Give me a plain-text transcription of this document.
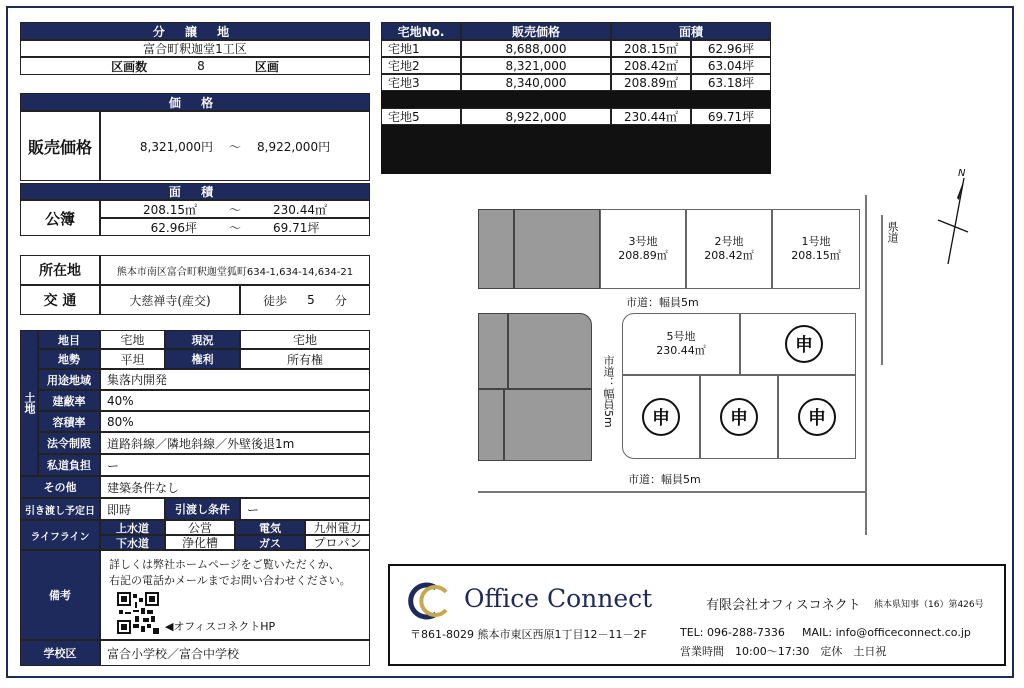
分 譲 地
富合町釈迦堂1工区
区画数	8	区画
価 格
販売価格	8,321,000円 ～ 8,922,000円
面 積
公簿	208.15㎡	～	230.44㎡
62.96坪	～	69.71坪
所在地	熊本市南区富合町釈迦堂狐町634-1,634-14,634-21
交 通	大慈禅寺(産交)	徒歩 5 分
土地
地目	宅地	現況	宅地
地勢	平坦	権利	所有権
用途地域	集落内開発
建蔽率	40%
容積率	80%
法令制限	道路斜線／隣地斜線／外壁後退1m
私道負担	ー
その他	建築条件なし
引き渡し予定日	即時	引渡し条件	ー
ライフライン
上水道	公営	電気	九州電力
下水道	浄化槽	ガス	プロパン
備考
詳しくは弊社ホームページをご覧いただくか、
右記の電話かメールまでお問い合わせください。
◀オフィスコネクトHP
学校区	富合小学校／富合中学校
宅地No.	販売価格	面積
宅地1	8,688,000	208.15㎡	62.96坪
宅地2	8,321,000	208.42㎡	63.04坪
宅地3	8,340,000	208.89㎡	63.18坪
宅地5	8,922,000	230.44㎡	69.71坪
3号地
208.89㎡
2号地
208.42㎡
1号地
208.15㎡
市道：幅員5m
市道：幅員5m
5号地
230.44㎡	申
申	申	申
市道：幅員5m
県道
N
Office Connect	有限会社オフィスコネクト 熊本県知事（16）第426号
〒861-8029 熊本市東区西原1丁目12－11－2F	TEL: 096-288-7336 MAIL: info@officeconnect.co.jp
営業時間　10:00～17:30　定休　土日祝
